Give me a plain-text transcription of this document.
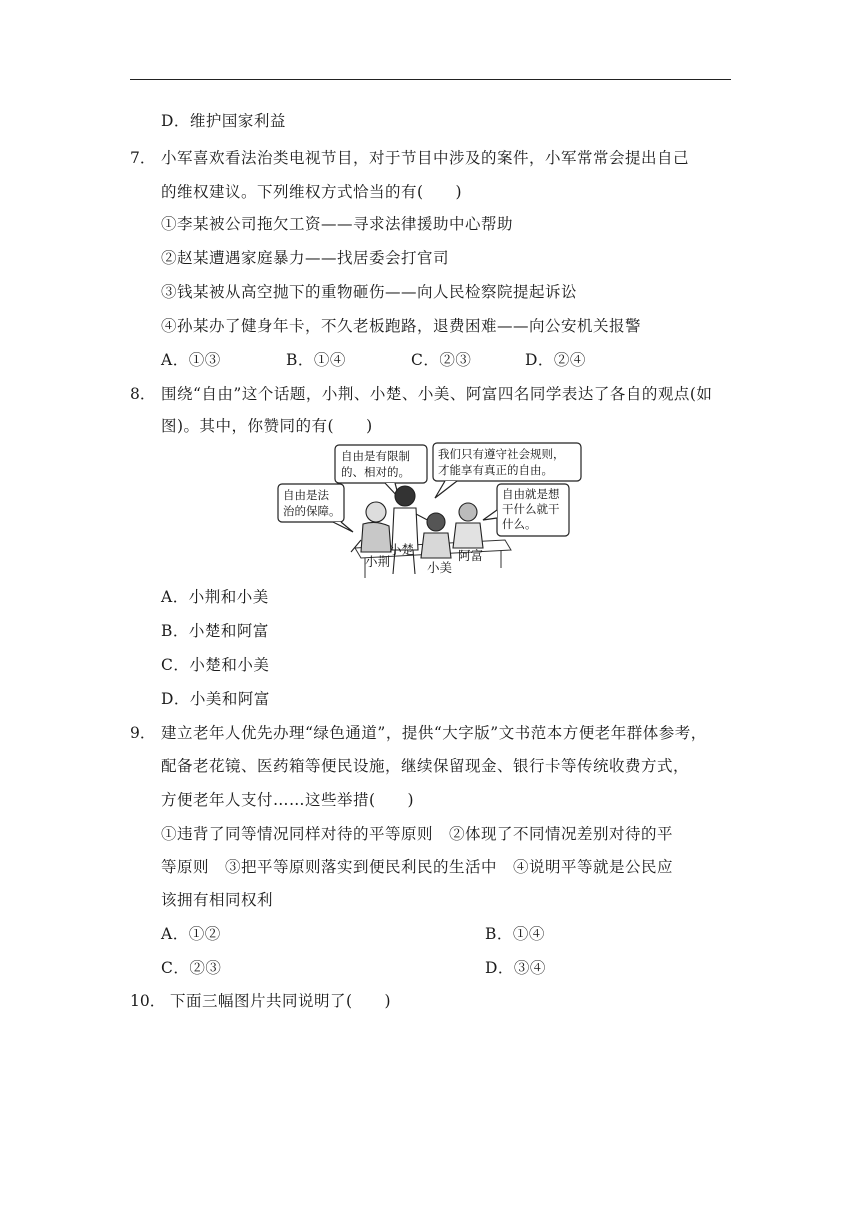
D．维护国家利益
7． 小军喜欢看法治类电视节目，对于节目中涉及的案件，小军常常会提出自己
的维权建议。下列维权方式恰当的有(　　)
①李某被公司拖欠工资——寻求法律援助中心帮助
②赵某遭遇家庭暴力——找居委会打官司
③钱某被从高空抛下的重物砸伤——向人民检察院提起诉讼
④孙某办了健身年卡，不久老板跑路，退费困难——向公安机关报警
A．①③	B．①④	C．②③	D．②④
8． 围绕“自由”这个话题，小荆、小楚、小美、阿富四名同学表达了各自的观点(如
图)。其中，你赞同的有(　　)
自由是有限制
的、相对的。
我们只有遵守社会规则，
才能享有真正的自由。
自由是法
治的保障。
自由就是想
干什么就干
什么。
小楚
小荆	阿富
小美
A．小荆和小美
B．小楚和阿富
C．小楚和小美
D．小美和阿富
9． 建立老年人优先办理“绿色通道”，提供“大字版”文书范本方便老年群体参考，
配备老花镜、医药箱等便民设施，继续保留现金、银行卡等传统收费方式，
方便老年人支付……这些举措(　　)
①违背了同等情况同样对待的平等原则　②体现了不同情况差别对待的平
等原则　③把平等原则落实到便民利民的生活中　④说明平等就是公民应
该拥有相同权利
A．①②	B．①④
C．②③	D．③④
10． 下面三幅图片共同说明了(　　)
